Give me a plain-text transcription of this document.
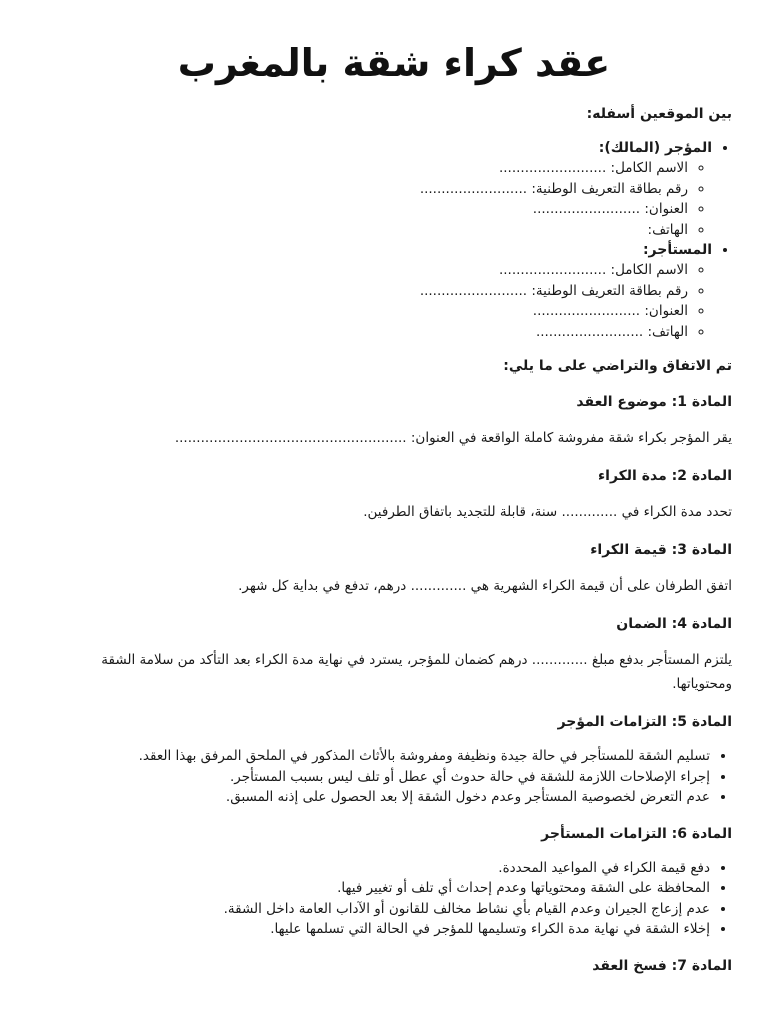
عقد كراء شقة بالمغرب
بين الموقعين أسفله:
• المؤجر (المالك):
◦ الاسم الكامل: .........................
◦ رقم بطاقة التعريف الوطنية: .........................
◦ العنوان: .........................
◦ الهاتف:
• المستأجر:
◦ الاسم الكامل: .........................
◦ رقم بطاقة التعريف الوطنية: .........................
◦ العنوان: .........................
◦ الهاتف: .........................
تم الاتفاق والتراضي على ما يلي:
المادة 1: موضوع العقد
يقر المؤجر بكراء شقة مفروشة كاملة الواقعة في العنوان: ......................................................
المادة 2: مدة الكراء
تحدد مدة الكراء في ............. سنة، قابلة للتجديد باتفاق الطرفين.
المادة 3: قيمة الكراء
اتفق الطرفان على أن قيمة الكراء الشهرية هي ............. درهم، تدفع في بداية كل شهر.
المادة 4: الضمان
يلتزم المستأجر بدفع مبلغ ............. درهم كضمان للمؤجر، يسترد في نهاية مدة الكراء بعد التأكد من سلامة الشقة ومحتوياتها.
المادة 5: التزامات المؤجر
• تسليم الشقة للمستأجر في حالة جيدة ونظيفة ومفروشة بالأثاث المذكور في الملحق المرفق بهذا العقد.
• إجراء الإصلاحات اللازمة للشقة في حالة حدوث أي عطل أو تلف ليس بسبب المستأجر.
• عدم التعرض لخصوصية المستأجر وعدم دخول الشقة إلا بعد الحصول على إذنه المسبق.
المادة 6: التزامات المستأجر
• دفع قيمة الكراء في المواعيد المحددة.
• المحافظة على الشقة ومحتوياتها وعدم إحداث أي تلف أو تغيير فيها.
• عدم إزعاج الجيران وعدم القيام بأي نشاط مخالف للقانون أو الآداب العامة داخل الشقة.
• إخلاء الشقة في نهاية مدة الكراء وتسليمها للمؤجر في الحالة التي تسلمها عليها.
المادة 7: فسخ العقد
